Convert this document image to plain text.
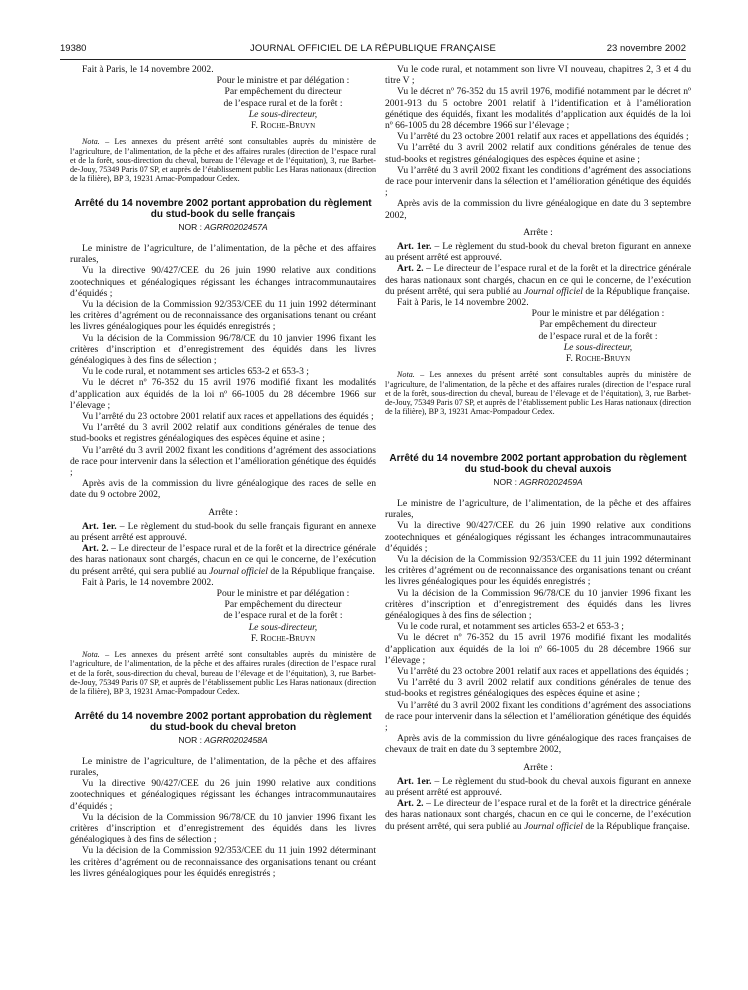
19380	JOURNAL OFFICIEL DE LA RÉPUBLIQUE FRANÇAISE	23 novembre 2002

Fait à Paris, le 14 novembre 2002.

Pour le ministre et par délégation :

Par empêchement du directeur

de l’espace rural et de la forêt :

Le sous-directeur,

F. Roche-Bruyn

Nota. – Les annexes du présent arrêté sont consultables auprès du ministère de l’agriculture, de l’alimentation, de la pêche et des affaires rurales (direction de l’espace rural et de la forêt, sous-direction du cheval, bureau de l’élevage et de l’équitation), 3, rue Barbet-de-Jouy, 75349 Paris 07 SP, et auprès de l’établissement public Les Haras nationaux (direction de la filière), BP 3, 19231 Arnac-Pompadour Cedex.

Arrêté du 14 novembre 2002 portant approbation du règlement du stud-book du selle français

NOR : AGRR0202457A

Le ministre de l’agriculture, de l’alimentation, de la pêche et des affaires rurales,

Vu la directive 90/427/CEE du 26 juin 1990 relative aux conditions zootechniques et généalogiques régissant les échanges intracommunautaires d’équidés ;

Vu la décision de la Commission 92/353/CEE du 11 juin 1992 déterminant les critères d’agrément ou de reconnaissance des organisations tenant ou créant les livres généalogiques pour les équidés enregistrés ;

Vu la décision de la Commission 96/78/CE du 10 janvier 1996 fixant les critères d’inscription et d’enregistrement des équidés dans les livres généalogiques à des fins de sélection ;

Vu le code rural, et notamment ses articles 653-2 et 653-3 ;

Vu le décret nº 76-352 du 15 avril 1976 modifié fixant les modalités d’application aux équidés de la loi nº 66-1005 du 28 décembre 1966 sur l’élevage ;

Vu l’arrêté du 23 octobre 2001 relatif aux races et appellations des équidés ;

Vu l’arrêté du 3 avril 2002 relatif aux conditions générales de tenue des stud-books et registres généalogiques des espèces équine et asine ;

Vu l’arrêté du 3 avril 2002 fixant les conditions d’agrément des associations de race pour intervenir dans la sélection et l’amélioration génétique des équidés ;

Après avis de la commission du livre généalogique des races de selle en date du 9 octobre 2002,

Arrête :

Art. 1er. – Le règlement du stud-book du selle français figurant en annexe au présent arrêté est approuvé.

Art. 2. – Le directeur de l’espace rural et de la forêt et la directrice générale des haras nationaux sont chargés, chacun en ce qui le concerne, de l’exécution du présent arrêté, qui sera publié au Journal officiel de la République française.

Fait à Paris, le 14 novembre 2002.

Pour le ministre et par délégation :

Par empêchement du directeur

de l’espace rural et de la forêt :

Le sous-directeur,

F. Roche-Bruyn

Nota. – Les annexes du présent arrêté sont consultables auprès du ministère de l’agriculture, de l’alimentation, de la pêche et des affaires rurales (direction de l’espace rural et de la forêt, sous-direction du cheval, bureau de l’élevage et de l’équitation), 3, rue Barbet-de-Jouy, 75349 Paris 07 SP, et auprès de l’établissement public Les Haras nationaux (direction de la filière), BP 3, 19231 Arnac-Pompadour Cedex.

Arrêté du 14 novembre 2002 portant approbation du règlement du stud-book du cheval breton

NOR : AGRR0202458A

Le ministre de l’agriculture, de l’alimentation, de la pêche et des affaires rurales,

Vu la directive 90/427/CEE du 26 juin 1990 relative aux conditions zootechniques et généalogiques régissant les échanges intracommunautaires d’équidés ;

Vu la décision de la Commission 96/78/CE du 10 janvier 1996 fixant les critères d’inscription et d’enregistrement des équidés dans les livres généalogiques à des fins de sélection ;

Vu la décision de la Commission 92/353/CEE du 11 juin 1992 déterminant les critères d’agrément ou de reconnaissance des organisations tenant ou créant les livres généalogiques pour les équidés enregistrés ;

Vu le code rural, et notamment son livre VI nouveau, chapitres 2, 3 et 4 du titre V ;

Vu le décret nº 76-352 du 15 avril 1976, modifié notamment par le décret nº 2001-913 du 5 octobre 2001 relatif à l’identification et à l’amélioration génétique des équidés, fixant les modalités d’application aux équidés de la loi nº 66-1005 du 28 décembre 1966 sur l’élevage ;

Vu l’arrêté du 23 octobre 2001 relatif aux races et appellations des équidés ;

Vu l’arrêté du 3 avril 2002 relatif aux conditions générales de tenue des stud-books et registres généalogiques des espèces équine et asine ;

Vu l’arrêté du 3 avril 2002 fixant les conditions d’agrément des associations de race pour intervenir dans la sélection et l’amélioration génétique des équidés ;

Après avis de la commission du livre généalogique en date du 3 septembre 2002,

Arrête :

Art. 1er. – Le règlement du stud-book du cheval breton figurant en annexe au présent arrêté est approuvé.

Art. 2. – Le directeur de l’espace rural et de la forêt et la directrice générale des haras nationaux sont chargés, chacun en ce qui le concerne, de l’exécution du présent arrêté, qui sera publié au Journal officiel de la République française.

Fait à Paris, le 14 novembre 2002.

Pour le ministre et par délégation :

Par empêchement du directeur

de l’espace rural et de la forêt :

Le sous-directeur,

F. Roche-Bruyn

Nota. – Les annexes du présent arrêté sont consultables auprès du ministère de l’agriculture, de l’alimentation, de la pêche et des affaires rurales (direction de l’espace rural et de la forêt, sous-direction du cheval, bureau de l’élevage et de l’équitation), 3, rue Barbet-de-Jouy, 75349 Paris 07 SP, et auprès de l’établissement public Les Haras nationaux (direction de la filière), BP 3, 19231 Arnac-Pompadour Cedex.

Arrêté du 14 novembre 2002 portant approbation du règlement du stud-book du cheval auxois

NOR : AGRR0202459A

Le ministre de l’agriculture, de l’alimentation, de la pêche et des affaires rurales,

Vu la directive 90/427/CEE du 26 juin 1990 relative aux conditions zootechniques et généalogiques régissant les échanges intracommunautaires d’équidés ;

Vu la décision de la Commission 92/353/CEE du 11 juin 1992 déterminant les critères d’agrément ou de reconnaissance des organisations tenant ou créant les livres généalogiques pour les équidés enregistrés ;

Vu la décision de la Commission 96/78/CE du 10 janvier 1996 fixant les critères d’inscription et d’enregistrement des équidés dans les livres généalogiques à des fins de sélection ;

Vu le code rural, et notamment ses articles 653-2 et 653-3 ;

Vu le décret nº 76-352 du 15 avril 1976 modifié fixant les modalités d’application aux équidés de la loi nº 66-1005 du 28 décembre 1966 sur l’élevage ;

Vu l’arrêté du 23 octobre 2001 relatif aux races et appellations des équidés ;

Vu l’arrêté du 3 avril 2002 relatif aux conditions générales de tenue des stud-books et registres généalogiques des espèces équine et asine ;

Vu l’arrêté du 3 avril 2002 fixant les conditions d’agrément des associations de race pour intervenir dans la sélection et l’amélioration génétique des équidés ;

Après avis de la commission du livre généalogique des races françaises de chevaux de trait en date du 3 septembre 2002,

Arrête :

Art. 1er. – Le règlement du stud-book du cheval auxois figurant en annexe au présent arrêté est approuvé.

Art. 2. – Le directeur de l’espace rural et de la forêt et la directrice générale des haras nationaux sont chargés, chacun en ce qui le concerne, de l’exécution du présent arrêté, qui sera publié au Journal officiel de la République française.
